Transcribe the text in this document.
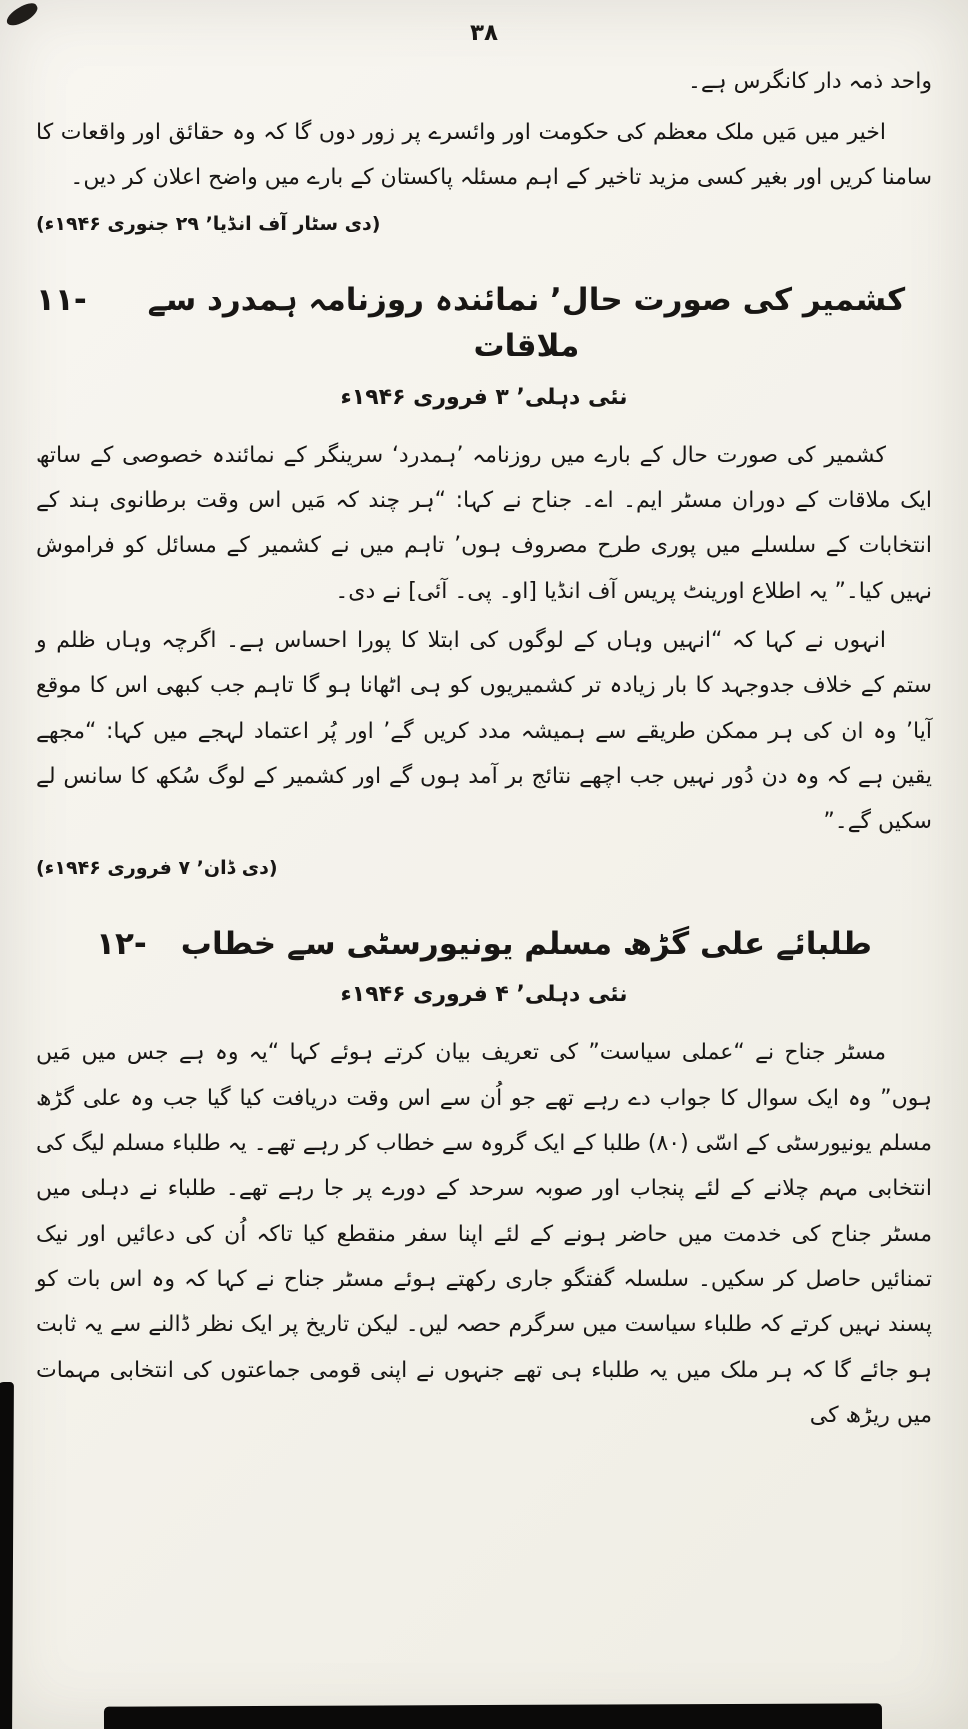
۳۸
واحد ذمہ دار کانگرس ہے۔

اخیر میں مَیں ملک معظم کی حکومت اور وائسرے پر زور دوں گا کہ وہ حقائق اور واقعات کا سامنا کریں اور بغیر کسی مزید تاخیر کے اہم مسئلہ پاکستان کے بارے میں واضح اعلان کر دیں۔

(دی سٹار آف انڈیا’ ۲۹ جنوری ۱۹۴۶ء)
۱۱-	کشمیر کی صورت حال’ نمائندہ روزنامہ ہمدرد سے ملاقات
نئی دہلی’ ۳ فروری ۱۹۴۶ء

کشمیر کی صورت حال کے بارے میں روزنامہ ’ہمدرد‘ سرینگر کے نمائندہ خصوصی کے ساتھ ایک ملاقات کے دوران مسٹر ایم۔ اے۔ جناح نے کہا: “ہر چند کہ مَیں اس وقت برطانوی ہند کے انتخابات کے سلسلے میں پوری طرح مصروف ہوں’ تاہم میں نے کشمیر کے مسائل کو فراموش نہیں کیا۔” یہ اطلاع اورینٹ پریس آف انڈیا [او۔ پی۔ آئی] نے دی۔

انہوں نے کہا کہ “انہیں وہاں کے لوگوں کی ابتلا کا پورا احساس ہے۔ اگرچہ وہاں ظلم و ستم کے خلاف جدوجہد کا بار زیادہ تر کشمیریوں کو ہی اٹھانا ہو گا تاہم جب کبھی اس کا موقع آیا’ وہ ان کی ہر ممکن طریقے سے ہمیشہ مدد کریں گے’ اور پُر اعتماد لہجے میں کہا: “مجھے یقین ہے کہ وہ دن دُور نہیں جب اچھے نتائج بر آمد ہوں گے اور کشمیر کے لوگ سُکھ کا سانس لے سکیں گے۔”

(دی ڈان’ ۷ فروری ۱۹۴۶ء)
۱۲- طلبائے علی گڑھ مسلم یونیورسٹی سے خطاب
نئی دہلی’ ۴ فروری ۱۹۴۶ء

مسٹر جناح نے “عملی سیاست” کی تعریف بیان کرتے ہوئے کہا “یہ وہ ہے جس میں مَیں ہوں” وہ ایک سوال کا جواب دے رہے تھے جو اُن سے اس وقت دریافت کیا گیا جب وہ علی گڑھ مسلم یونیورسٹی کے اسّی (۸۰) طلبا کے ایک گروہ سے خطاب کر رہے تھے۔ یہ طلباء مسلم لیگ کی انتخابی مہم چلانے کے لئے پنجاب اور صوبہ سرحد کے دورے پر جا رہے تھے۔ طلباء نے دہلی میں مسٹر جناح کی خدمت میں حاضر ہونے کے لئے اپنا سفر منقطع کیا تاکہ اُن کی دعائیں اور نیک تمنائیں حاصل کر سکیں۔ سلسلہ گفتگو جاری رکھتے ہوئے مسٹر جناح نے کہا کہ وہ اس بات کو پسند نہیں کرتے کہ طلباء سیاست میں سرگرم حصہ لیں۔ لیکن تاریخ پر ایک نظر ڈالنے سے یہ ثابت ہو جائے گا کہ ہر ملک میں یہ طلباء ہی تھے جنہوں نے اپنی قومی جماعتوں کی انتخابی مہمات میں ریڑھ کی
